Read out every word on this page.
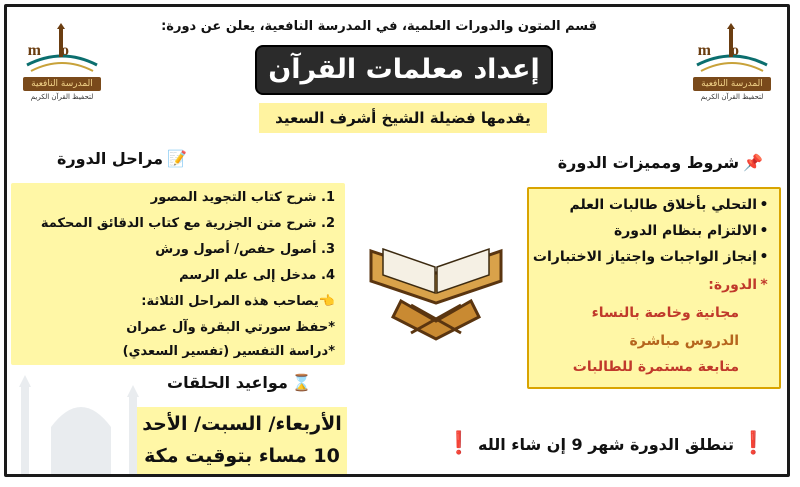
m o
المدرسة النافعية
لتحفيظ القرآن الكريم
m o
المدرسة النافعية
لتحفيظ القرآن الكريم
قسم المتون والدورات العلمية، في المدرسة النافعية، يعلن عن دورة:
إعداد معلمات القرآن
يقدمها فضيلة الشيخ أشرف السعيد
📝مراحل الدورة
1. شرح كتاب التجويد المصور
2. شرح متن الجزرية مع كتاب الدقائق المحكمة
3. أصول حفص/ أصول ورش
4. مدخل إلى علم الرسم
👈يصاحب هذه المراحل الثلاثة:
*حفظ سورتي البقرة وآل عمران
*دراسة التفسير (تفسير السعدي)
⌛مواعيد الحلقات
الأربعاء/ السبت/ الأحد
10 مساء بتوقيت مكة
📌شروط ومميزات الدورة
•التحلي بأخلاق طالبات العلم
•الالتزام بنظام الدورة
•إنجاز الواجبات واجتياز الاختبارات
*الدورة:
مجانية وخاصة بالنساء
الدروس مباشرة
متابعة مستمرة للطالبات
❗ تنطلق الدورة شهر 9 إن شاء الله ❗
